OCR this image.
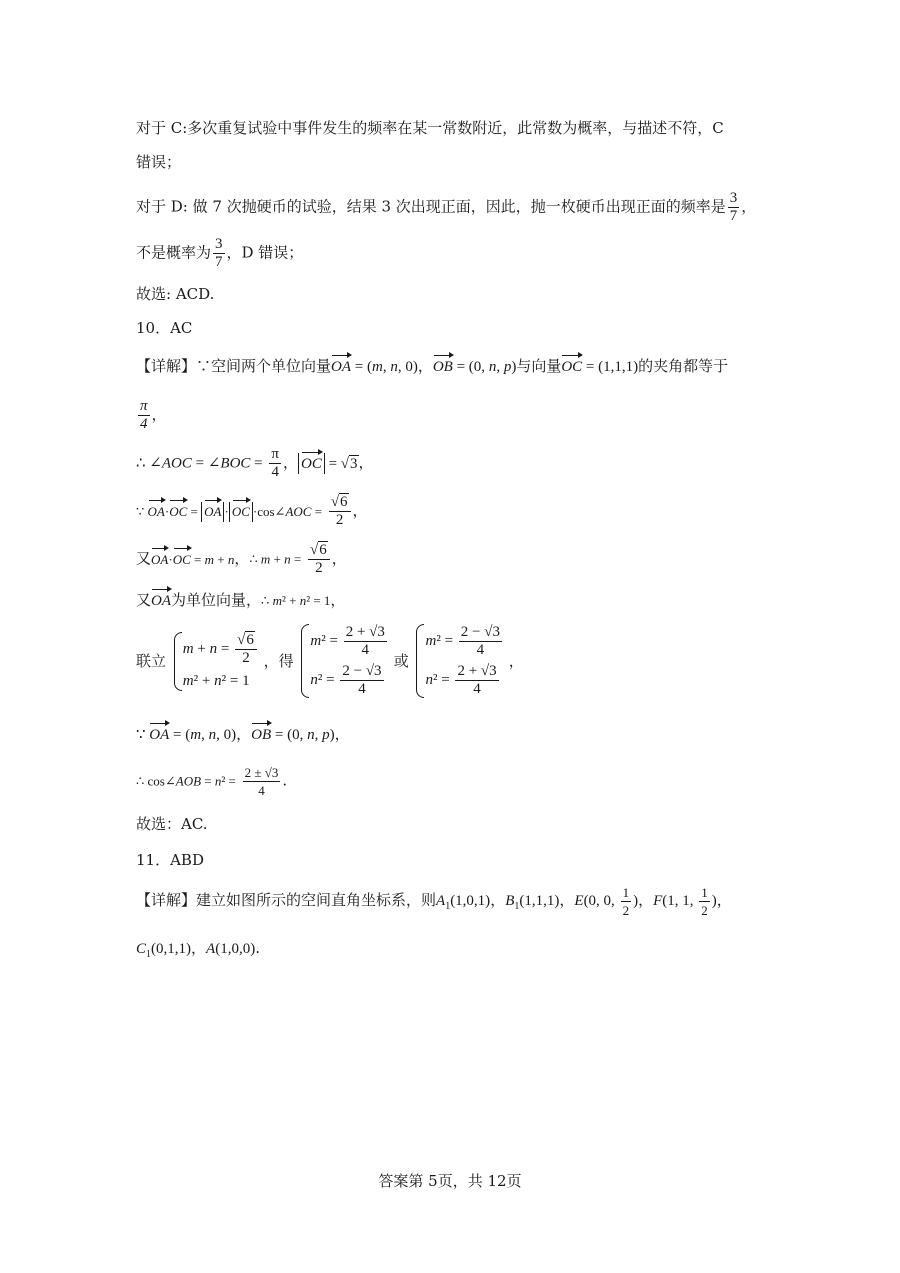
对于 C:多次重复试验中事件发生的频率在某一常数附近，此常数为概率，与描述不符，C
错误；
对于 D: 做 7 次抛硬币的试验，结果 3 次出现正面，因此，抛一枚硬币出现正面的频率是 $\frac{3}{7}$ ，
不是概率为 $\frac{3}{7}$ ，D 错误；
故选: ACD.
10．AC
【详解】∵空间两个单位向量OA = (m, n, 0)，OB = (0, n, p)与向量OC = (1,1,1)的夹角都等于
$\frac{\pi}{4}$ ，
∴ ∠AOC = ∠BOC = $\frac{\pi}{4}$ ， OC = √3，
∵ OA·OC = OA · OC ·cos∠AOC = $\frac{√6}{2}$ ，
又OA·OC = m + n，∴ $m + n = \frac{√6}{2}$ ，
又OA为单位向量，∴ m² + n² = 1，
联立
$m + n = \frac{√6}{2}$
m² + n² = 1
，得
$m^2 = \frac{2 + √3}{4}$
$n^2 = \frac{2 - √3}{4}$
或
$m^2 = \frac{2 - √3}{4}$
$n^2 = \frac{2 + √3}{4}$
，
∵ OA = (m, n, 0)，OB = (0, n, p)，
∴ cos∠AOB = $n^2 = \frac{2 \pm √3}{4}$ .
故选：AC.
11．ABD
【详解】建立如图所示的空间直角坐标系，则$A_1(1,0,1)$，$B_1(1,1,1)$，E(0, 0, $\frac{1}{2}$ )，F(1, 1, $\frac{1}{2}$ )，
$C_1(0,1,1)$，A(1,0,0).
答案第 5页，共 12页
